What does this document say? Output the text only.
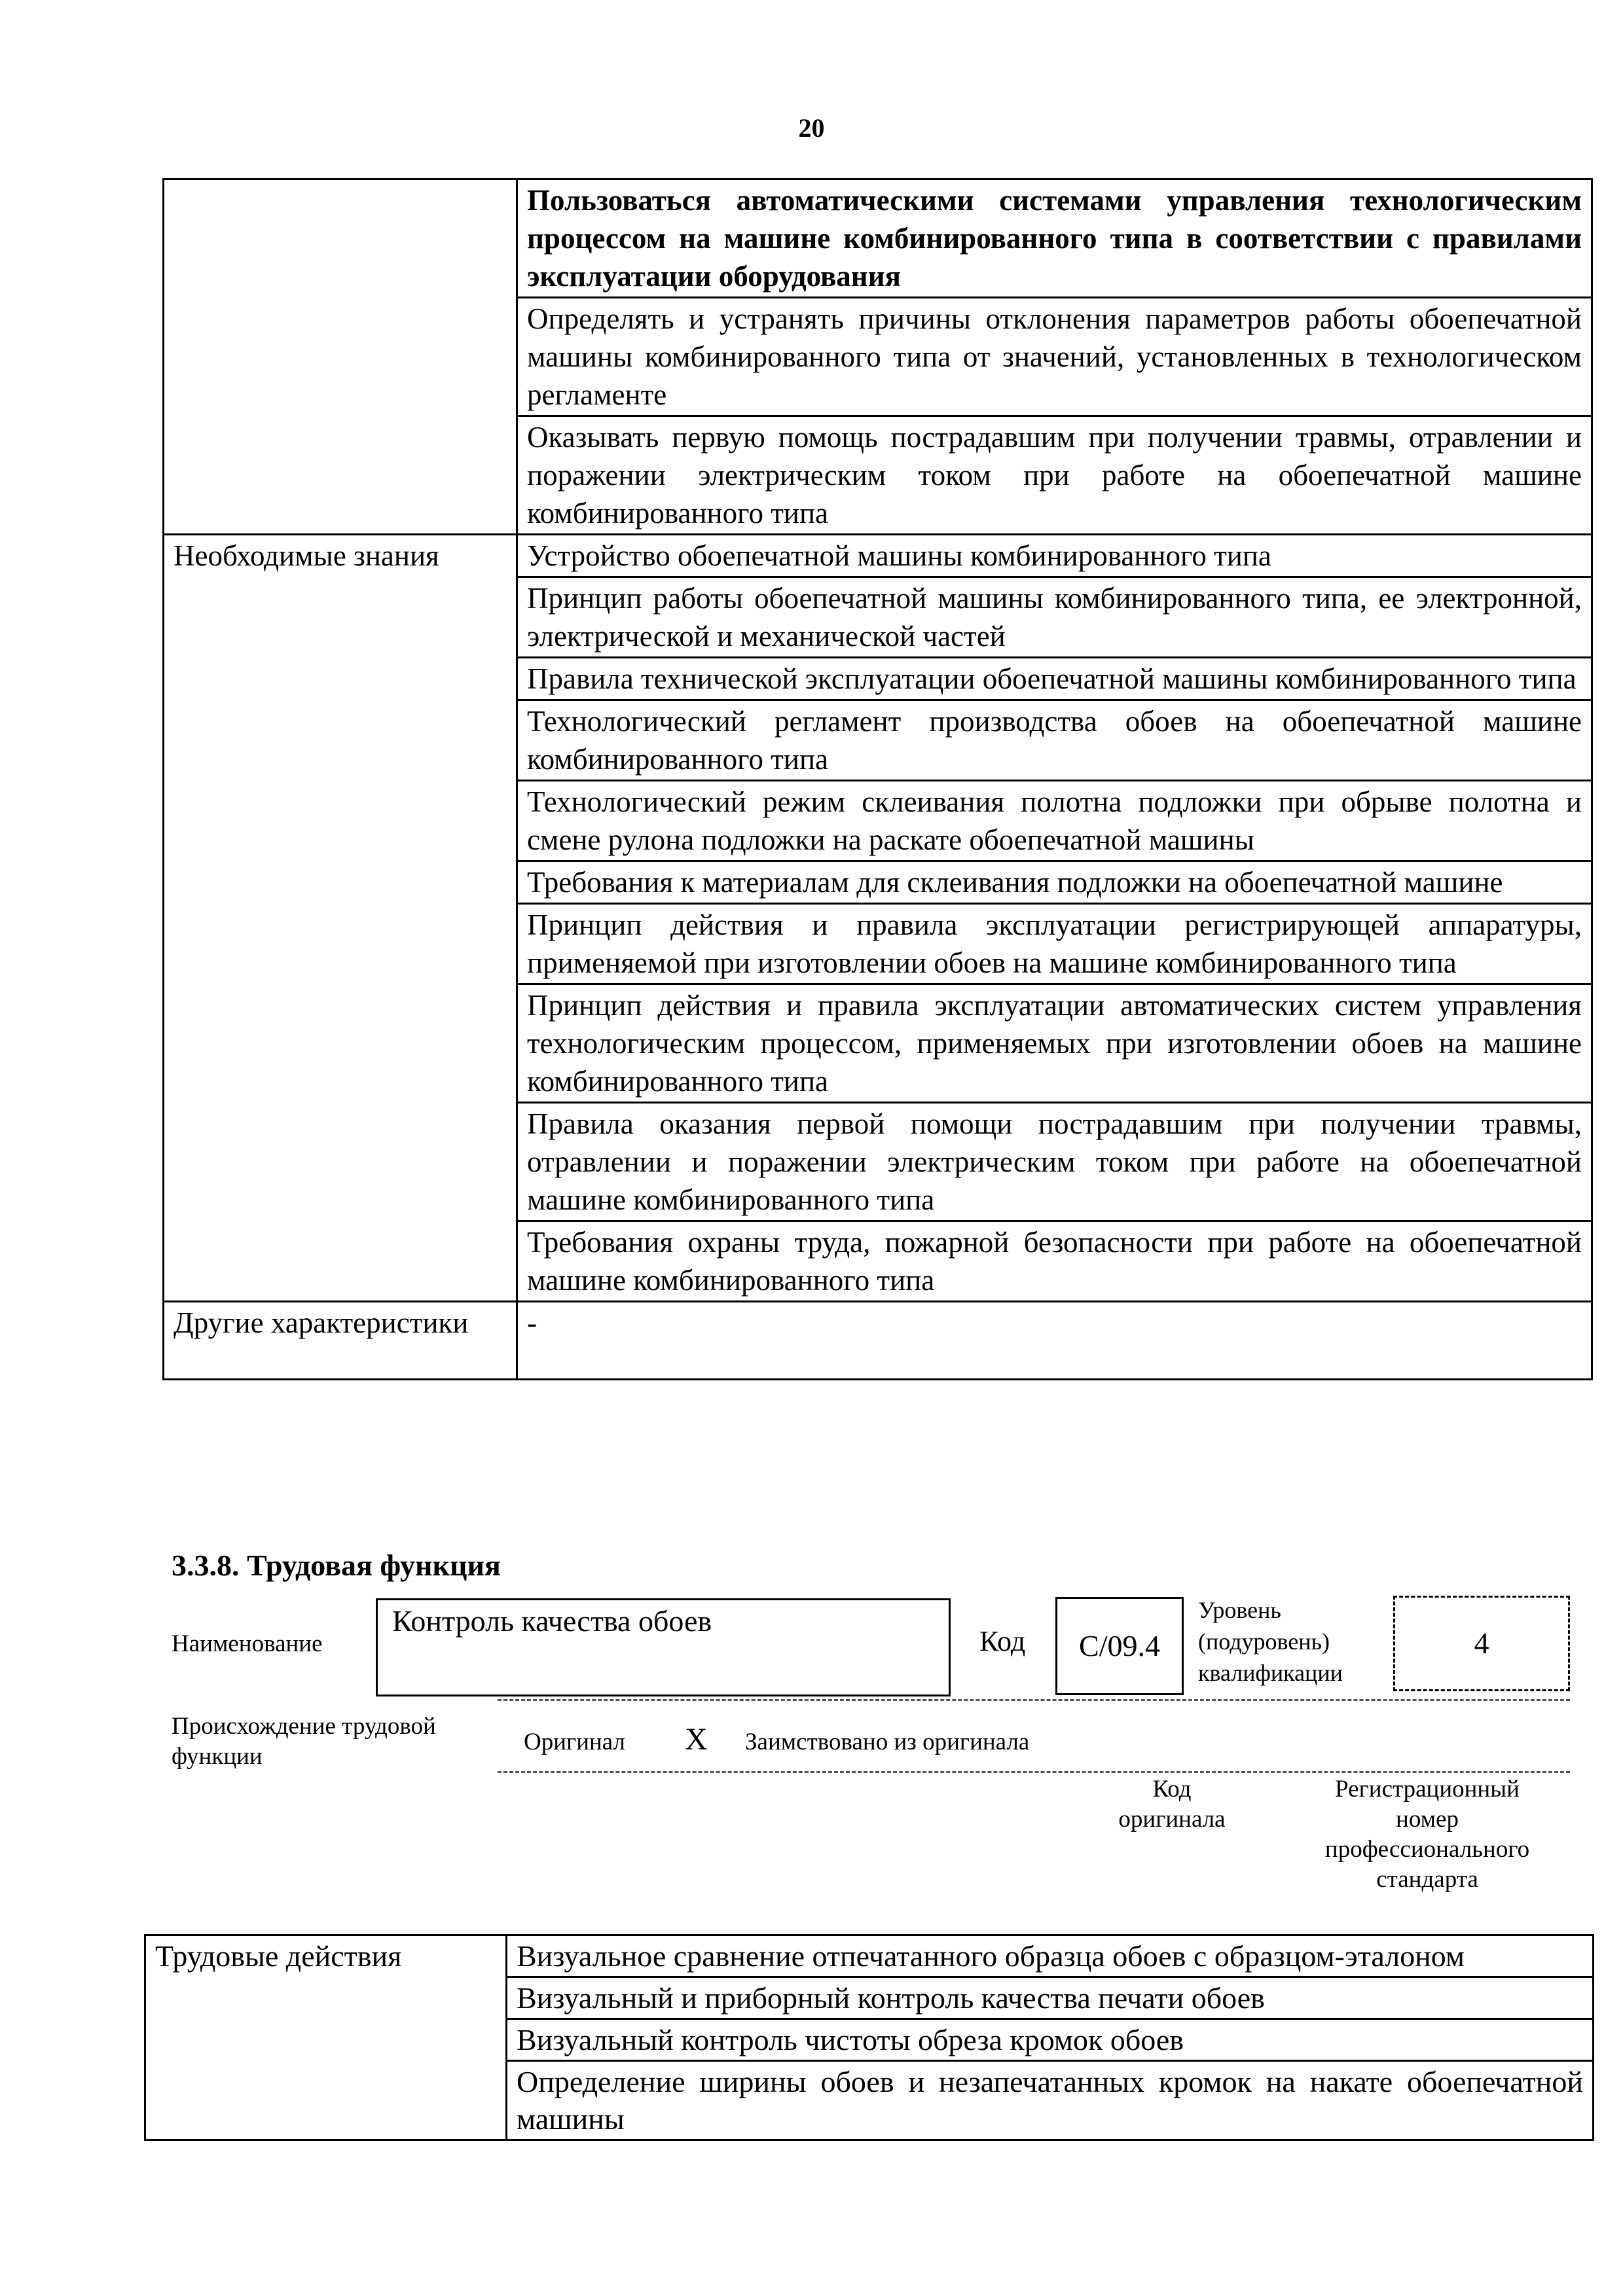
20
	Пользоваться автоматическими системами управления технологическим процессом на машине комбинированного типа в соответствии с правилами эксплуатации оборудования
	Определять и устранять причины отклонения параметров работы обоепечатной машины комбинированного типа от значений, установленных в технологическом регламенте
	Оказывать первую помощь пострадавшим при получении травмы, отравлении и поражении электрическим током при работе на обоепечатной машине комбинированного типа
Необходимые знания	Устройство обоепечатной машины комбинированного типа
	Принцип работы обоепечатной машины комбинированного типа, ее электронной, электрической и механической частей
	Правила технической эксплуатации обоепечатной машины комбинированного типа
	Технологический регламент производства обоев на обоепечатной машине комбинированного типа
	Технологический режим склеивания полотна подложки при обрыве полотна и смене рулона подложки на раскате обоепечатной машины
	Требования к материалам для склеивания подложки на обоепечатной машине
	Принцип действия и правила эксплуатации регистрирующей аппаратуры, применяемой при изготовлении обоев на машине комбинированного типа
	Принцип действия и правила эксплуатации автоматических систем управления технологическим процессом, применяемых при изготовлении обоев на машине комбинированного типа
	Правила оказания первой помощи пострадавшим при получении травмы, отравлении и поражении электрическим током при работе на обоепечатной машине комбинированного типа
	Требования охраны труда, пожарной безопасности при работе на обоепечатной машине комбинированного типа
Другие характеристики	-
3.3.8. Трудовая функция
Наименование
Контроль качества обоев
Код С/09.4
Уровень
(подуровень)
квалификации
4
Происхождение трудовой
функции
Оригинал X Заимствовано из оригинала
Код
оригинала
Регистрационный
номер
профессионального
стандарта
Трудовые действия	Визуальное сравнение отпечатанного образца обоев с образцом-эталоном
Визуальный и приборный контроль качества печати обоев
Визуальный контроль чистоты обреза кромок обоев
Определение ширины обоев и незапечатанных кромок на накате обоепечатной машины
